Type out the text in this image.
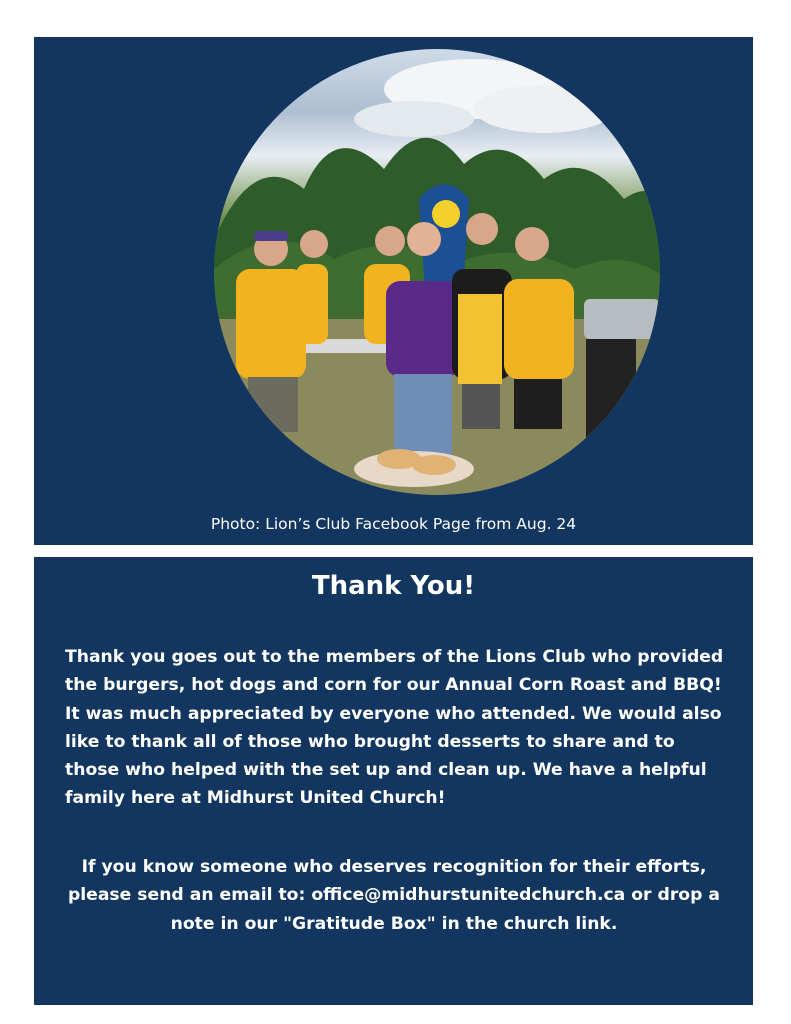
Photo: Lion’s Club Facebook Page from Aug. 24
Thank You!

Thank you goes out to the members of the Lions Club who provided the burgers, hot dogs and corn for our Annual Corn Roast and BBQ! It was much appreciated by everyone who attended. We would also like to thank all of those who brought desserts to share and to those who helped with the set up and clean up. We have a helpful family here at Midhurst United Church!

If you know someone who deserves recognition for their efforts, please send an email to: office@midhurstunitedchurch.ca or drop a note in our "Gratitude Box" in the church link.
